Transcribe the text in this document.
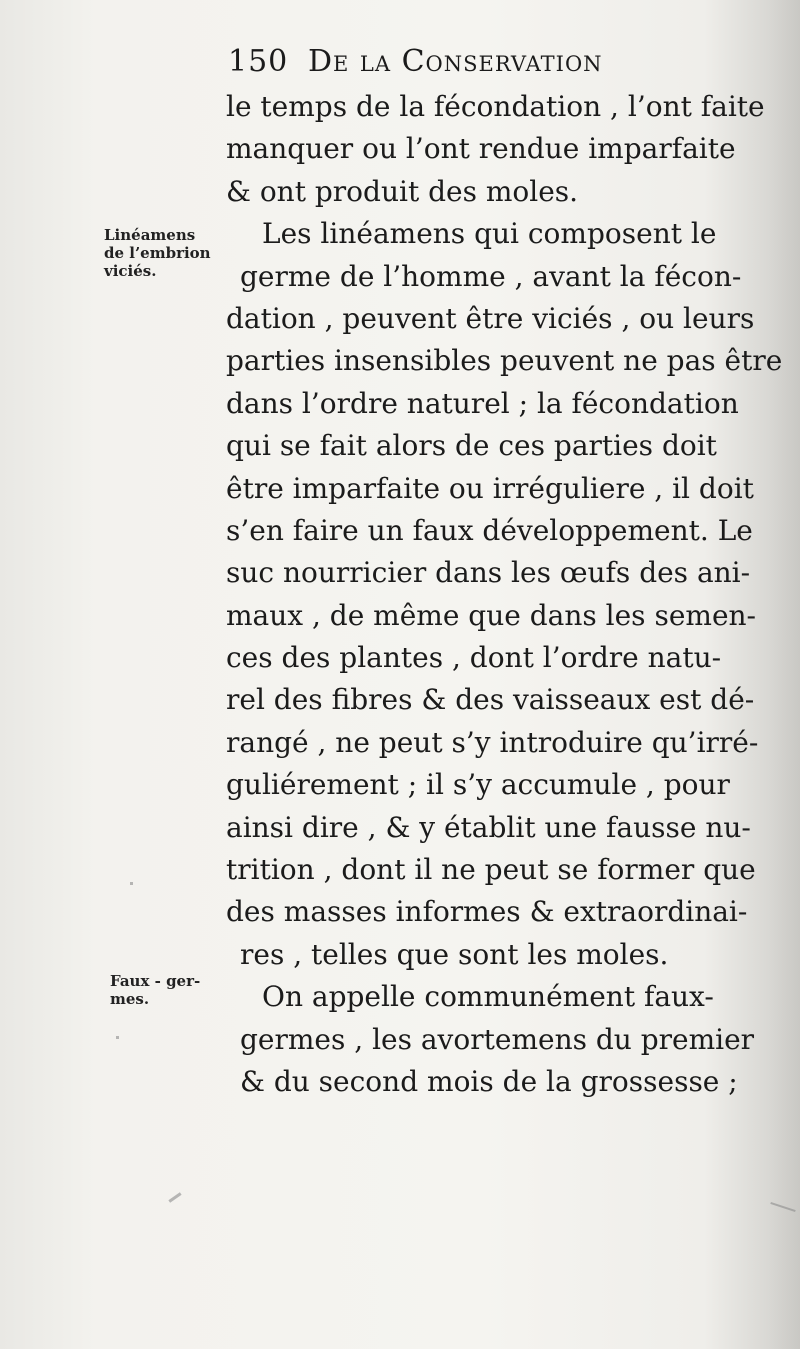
150 De la Conservation
Linéamens
de l’embrion
viciés.
Faux - ger-
mes.
le temps de la fécondation , l’ont faite
manquer ou l’ont rendue imparfaite
& ont produit des moles.
Les linéamens qui composent le
germe de l’homme , avant la fécon-
dation , peuvent être viciés , ou leurs
parties insensibles peuvent ne pas être
dans l’ordre naturel ; la fécondation
qui se fait alors de ces parties doit
être imparfaite ou irréguliere , il doit
s’en faire un faux développement. Le
suc nourricier dans les œufs des ani-
maux , de même que dans les semen-
ces des plantes , dont l’ordre natu-
rel des fibres & des vaisseaux est dé-
rangé , ne peut s’y introduire qu’irré-
guliérement ; il s’y accumule , pour
ainsi dire , & y établit une fausse nu-
trition , dont il ne peut se former que
des masses informes & extraordinai-
res , telles que sont les moles.
On appelle communément faux-
germes , les avortemens du premier
& du second mois de la grossesse ;
